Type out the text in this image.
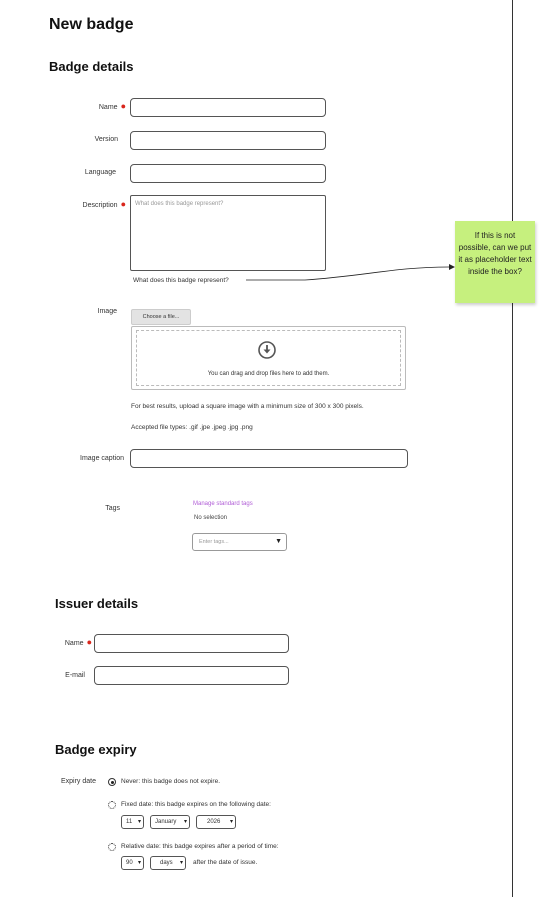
New badge
Badge details
Name ●
Version
Language
Description ● What does this badge represent?
What does this badge represent?
If this is not possible, can we put it as placeholder text inside the box?
Image
Choose a file...
You can drag and drop files here to add them.
For best results, upload a square image with a minimum size of 300 x 300 pixels.
Accepted file types: .gif .jpe .jpeg .jpg .png
Image caption
Tags
Manage standard tags
No selection
Enter tags...	▼
Issuer details
Name ●
E-mail
Badge expiry
Expiry date	Never: this badge does not expire.
Fixed date: this badge expires on the following date:
11 ▾ January ▾	2026 ▾
Relative date: this badge expires after a period of time:
90 ▾	days ▾ after the date of issue.
